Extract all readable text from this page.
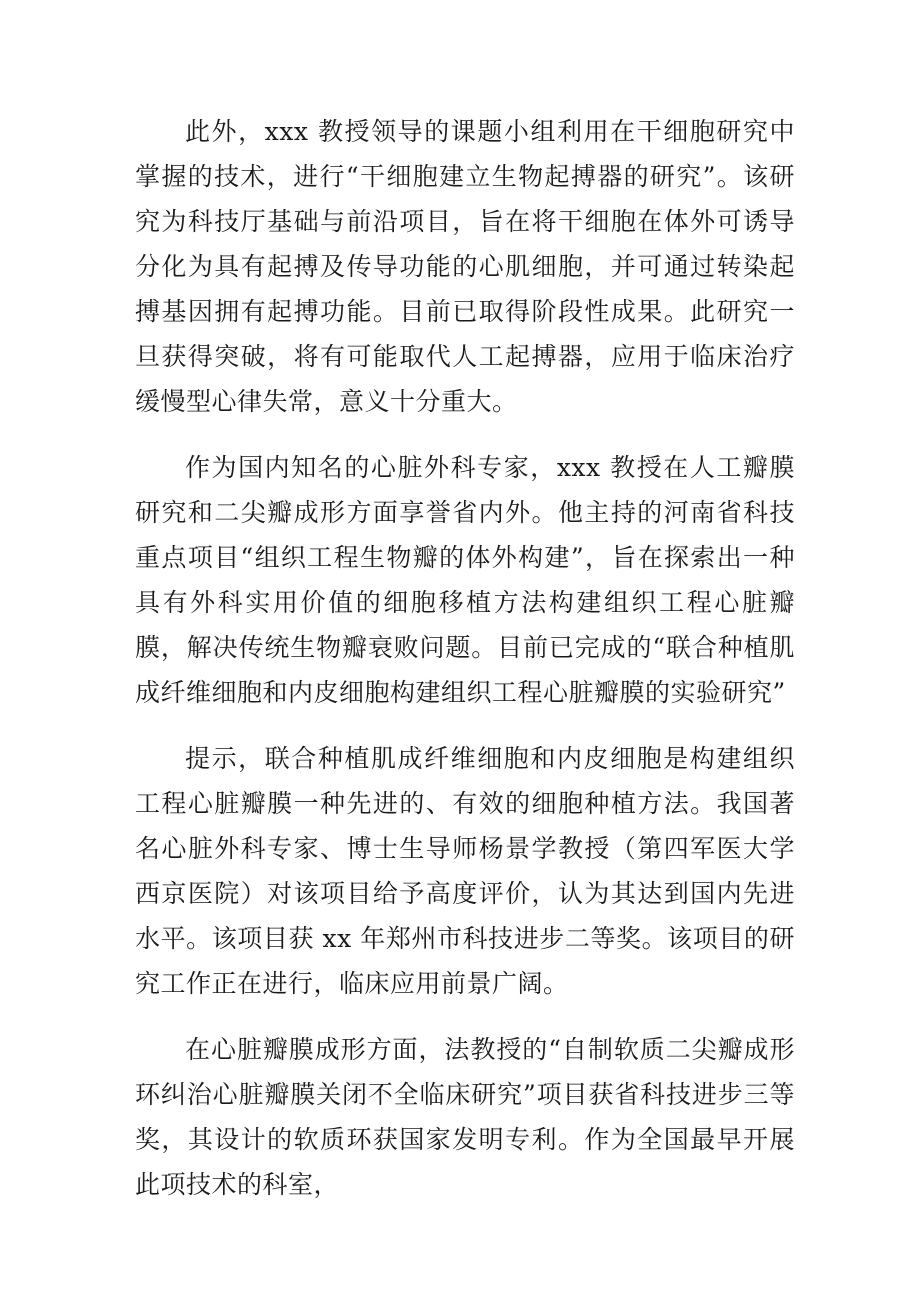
此外，xxx 教授领导的课题小组利用在干细胞研究中掌握的技术，进行“干细胞建立生物起搏器的研究”。该研究为科技厅基础与前沿项目，旨在将干细胞在体外可诱导分化为具有起搏及传导功能的心肌细胞，并可通过转染起搏基因拥有起搏功能。目前已取得阶段性成果。此研究一旦获得突破，将有可能取代人工起搏器，应用于临床治疗缓慢型心律失常，意义十分重大。

作为国内知名的心脏外科专家，xxx 教授在人工瓣膜研究和二尖瓣成形方面享誉省内外。他主持的河南省科技重点项目“组织工程生物瓣的体外构建”，旨在探索出一种具有外科实用价值的细胞移植方法构建组织工程心脏瓣膜，解决传统生物瓣衰败问题。目前已完成的“联合种植肌成纤维细胞和内皮细胞构建组织工程心脏瓣膜的实验研究”

提示，联合种植肌成纤维细胞和内皮细胞是构建组织工程心脏瓣膜一种先进的、有效的细胞种植方法。我国著名心脏外科专家、博士生导师杨景学教授（第四军医大学西京医院）对该项目给予高度评价，认为其达到国内先进水平。该项目获 xx 年郑州市科技进步二等奖。该项目的研究工作正在进行，临床应用前景广阔。

在心脏瓣膜成形方面，法教授的“自制软质二尖瓣成形环纠治心脏瓣膜关闭不全临床研究”项目获省科技进步三等奖，其设计的软质环获国家发明专利。作为全国最早开展此项技术的科室，
